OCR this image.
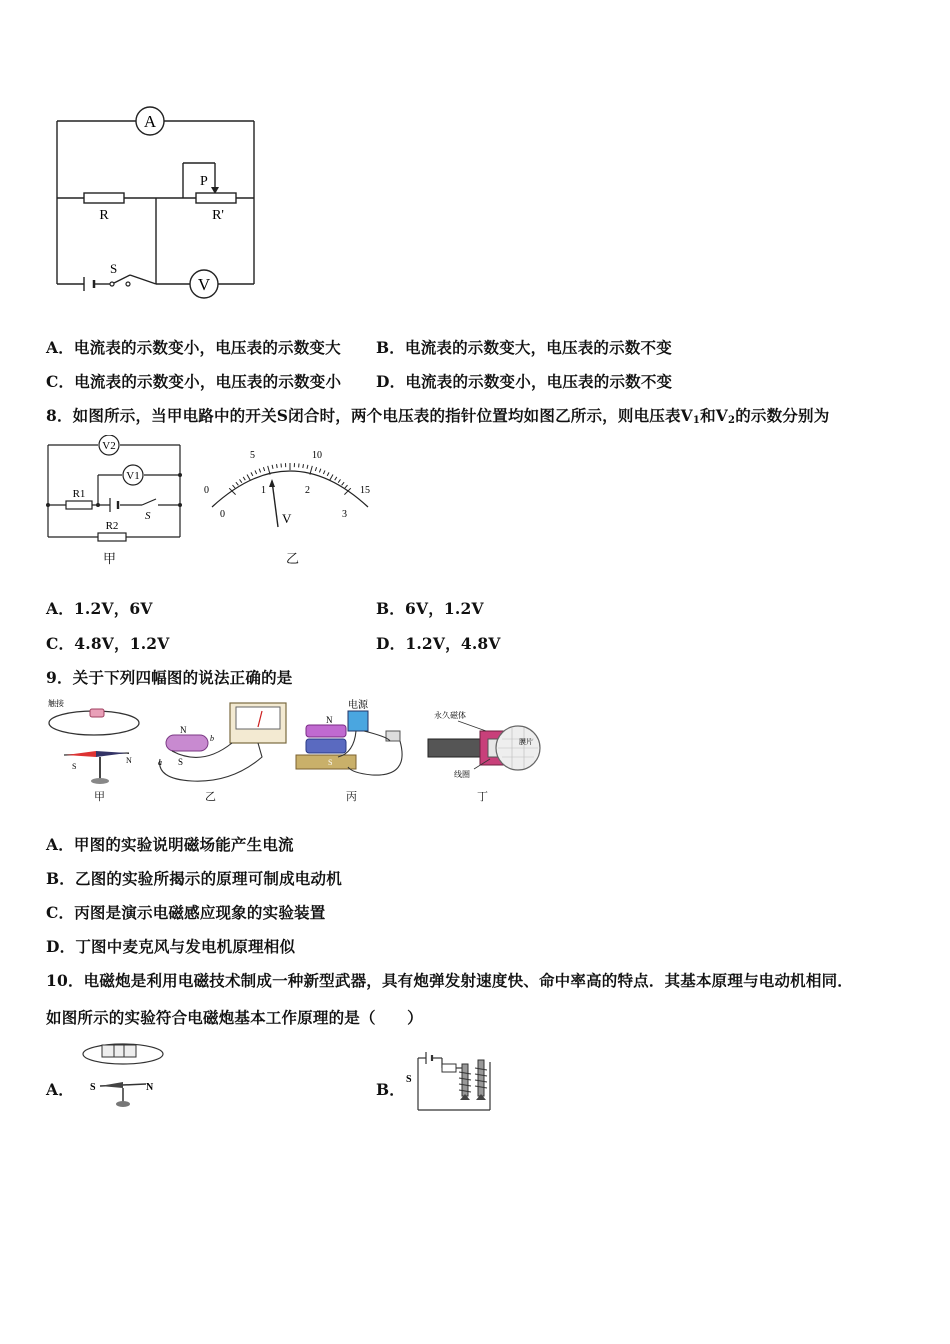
A
R	R'
P
S
V
A．电流表的示数变小，电压表的示数变大 B．电流表的示数变大，电压表的示数不变
C．电流表的示数变小，电压表的示数变小 D．电流表的示数变小，电压表的示数不变
8．如图所示，当甲电路中的开关S闭合时，两个电压表的指针位置均如图乙所示，则电压表$V_1$和$V_2$的示数分别为
V2
V1
R1
S
R2
甲
0
5	10
15
0
1	2
3
V
乙
A．1.2V，6V	B．6V，1.2V
C．4.8V，1.2V	D．1.2V，4.8V
9．关于下列四幅图的说法正确的是
触接
S
N
甲
N
S
a
b
乙
电源
N
S
丙
永久磁体
线圈
膜片
丁
A．甲图的实验说明磁场能产生电流
B．乙图的实验所揭示的原理可制成电动机
C．丙图是演示电磁感应现象的实验装置
D．丁图中麦克风与发电机原理相似
10．电磁炮是利用电磁技术制成一种新型武器，具有炮弹发射速度快、命中率高的特点．其基本原理与电动机相同．
如图所示的实验符合电磁炮基本工作原理的是（　　）
A． S	N	B．
S
